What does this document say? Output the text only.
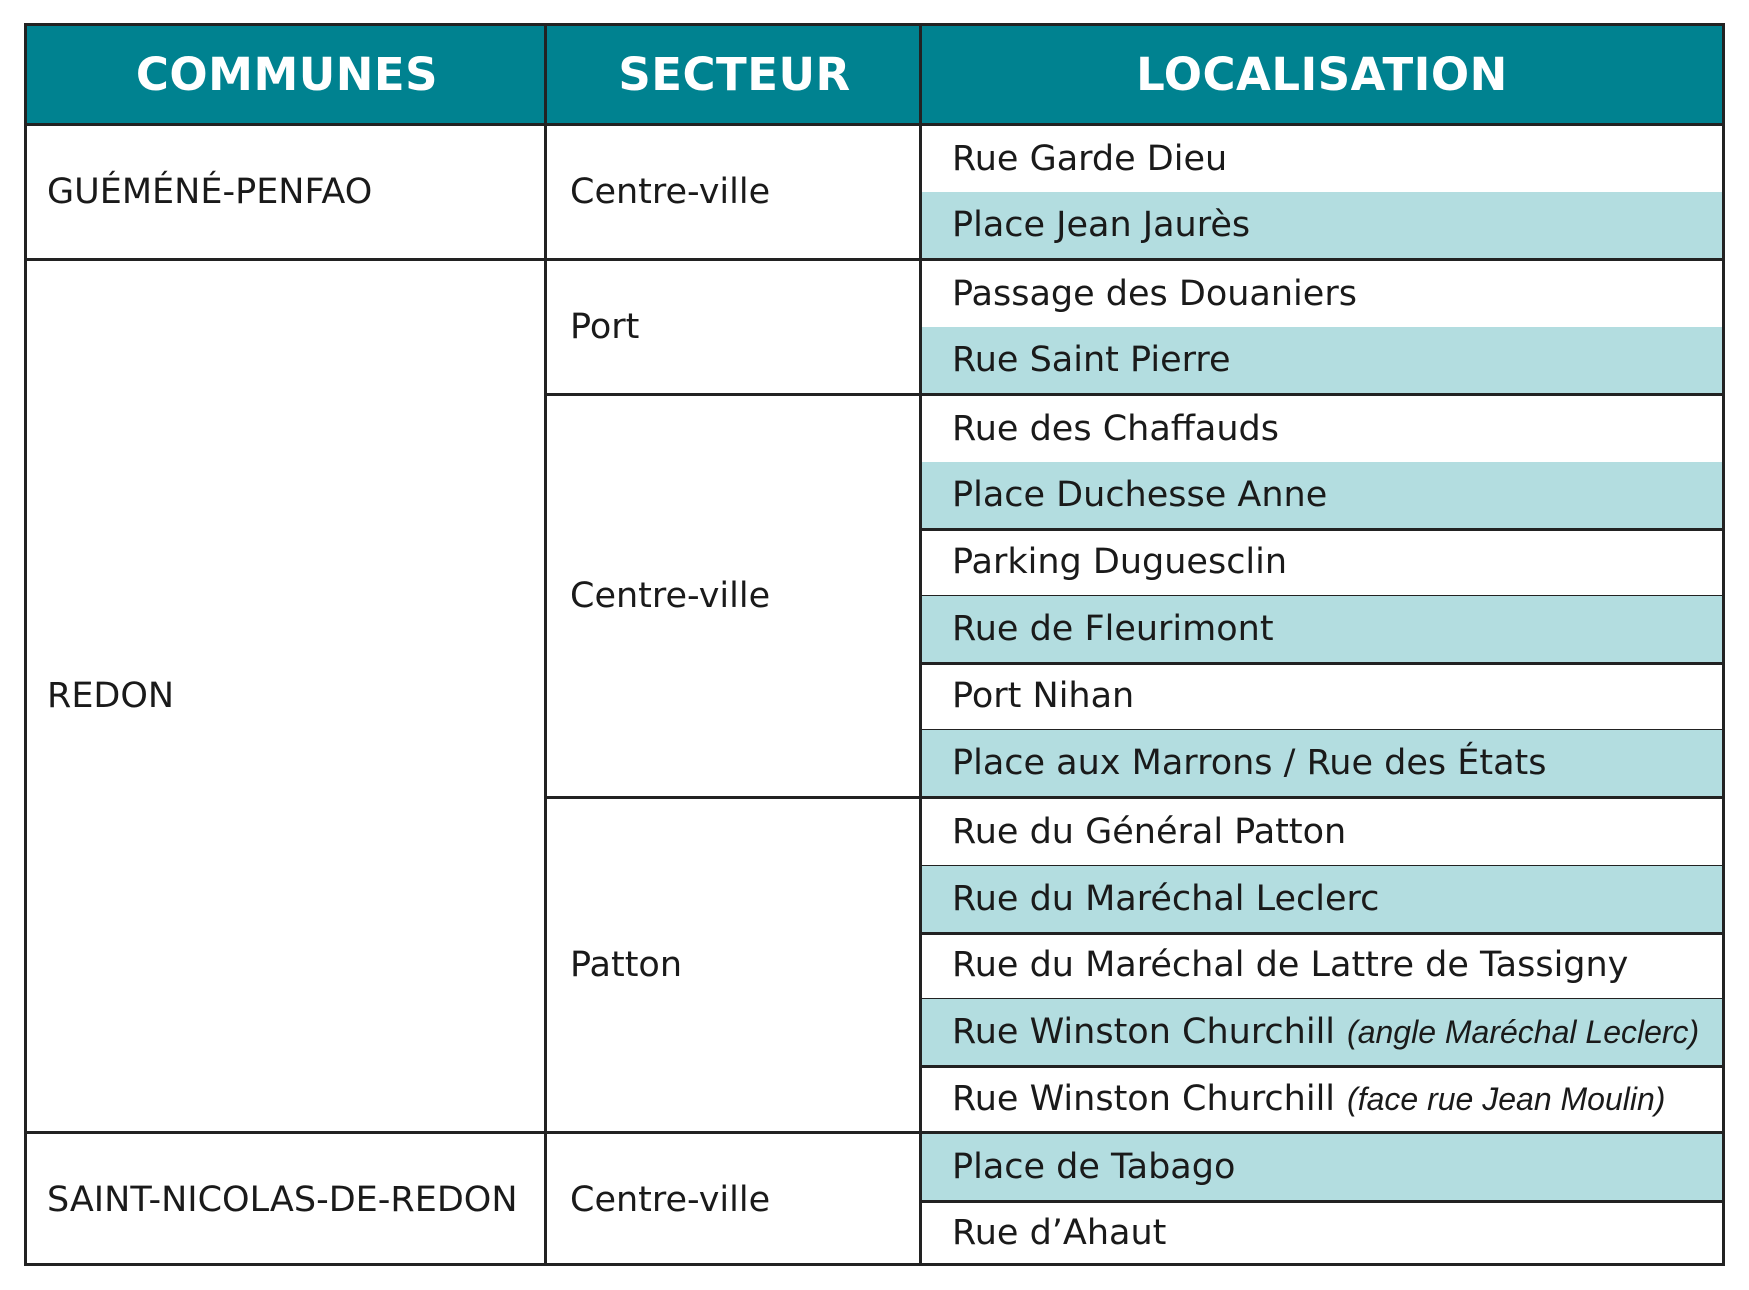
COMMUNES	SECTEUR	LOCALISATION
GUÉMÉNÉ-PENFAO
REDON
SAINT-NICOLAS-DE-REDON
Centre-ville
Port
Centre-ville
Patton
Centre-ville
Rue Garde Dieu
Place Jean Jaurès
Passage des Douaniers
Rue Saint Pierre
Rue des Chaffauds
Place Duchesse Anne
Parking Duguesclin
Rue de Fleurimont
Port Nihan
Place aux Marrons / Rue des États
Rue du Général Patton
Rue du Maréchal Leclerc
Rue du Maréchal de Lattre de Tassigny
Rue Winston Churchill (angle Maréchal Leclerc)
Rue Winston Churchill (face rue Jean Moulin)
Place de Tabago
Rue d’Ahaut
